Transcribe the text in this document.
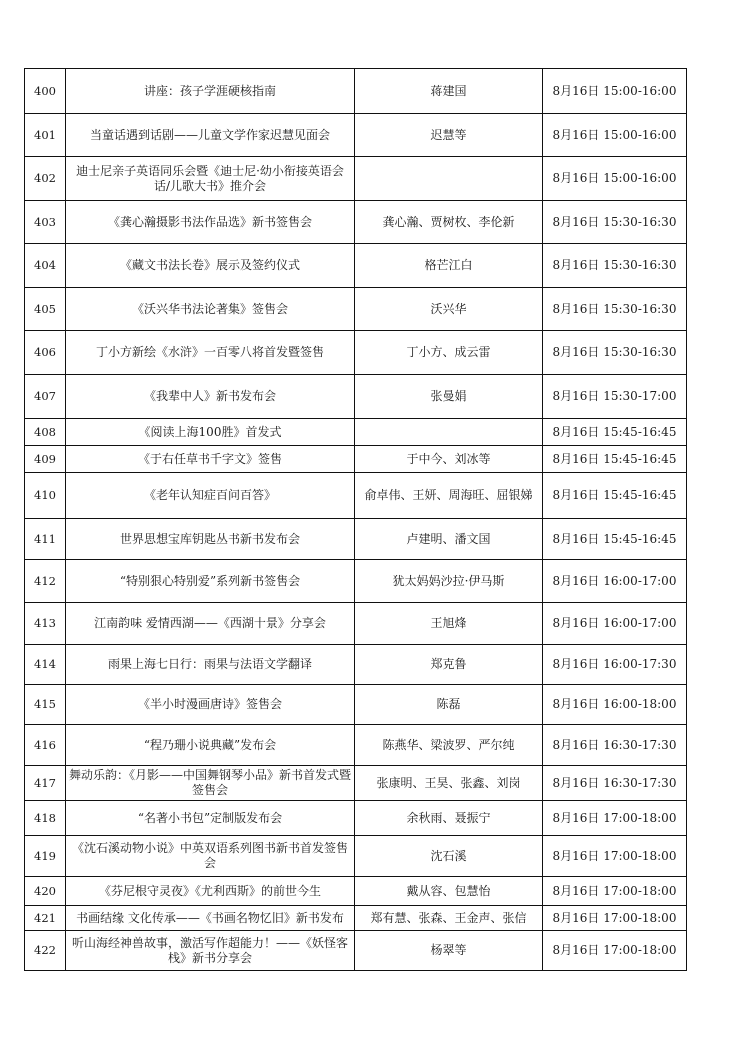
400	讲座：孩子学涯硬核指南	蒋建国	8月16日 15:00-16:00
401	当童话遇到话剧——儿童文学作家迟慧见面会	迟慧等	8月16日 15:00-16:00
402	迪士尼亲子英语同乐会暨《迪士尼·幼小衔接英语会话/儿歌大书》推介会		8月16日 15:00-16:00
403	《龚心瀚摄影书法作品选》新书签售会	龚心瀚、贾树枚、李伦新	8月16日 15:30-16:30
404	《藏文书法长卷》展示及签约仪式	格芒江白	8月16日 15:30-16:30
405	《沃兴华书法论著集》签售会	沃兴华	8月16日 15:30-16:30
406	丁小方新绘《水浒》一百零八将首发暨签售	丁小方、成云雷	8月16日 15:30-16:30
407	《我辈中人》新书发布会	张曼娟	8月16日 15:30-17:00
408	《阅读上海100胜》首发式		8月16日 15:45-16:45
409	《于右任草书千字文》签售	于中今、刘冰等	8月16日 15:45-16:45
410	《老年认知症百问百答》	俞卓伟、王妍、周海旺、屈银娣	8月16日 15:45-16:45
411	世界思想宝库钥匙丛书新书发布会	卢建明、潘文国	8月16日 15:45-16:45
412	“特别狠心特别爱”系列新书签售会	犹太妈妈沙拉·伊马斯	8月16日 16:00-17:00
413	江南韵味 爱情西湖——《西湖十景》分享会	王旭烽	8月16日 16:00-17:00
414	雨果上海七日行：雨果与法语文学翻译	郑克鲁	8月16日 16:00-17:30
415	《半小时漫画唐诗》签售会	陈磊	8月16日 16:00-18:00
416	“程乃珊小说典藏”发布会	陈燕华、梁波罗、严尔纯	8月16日 16:30-17:30
417	舞动乐韵：《月影——中国舞钢琴小品》新书首发式暨签售会	张康明、王昊、张鑫、刘岗	8月16日 16:30-17:30
418	“名著小书包”定制版发布会	余秋雨、聂振宁	8月16日 17:00-18:00
419	《沈石溪动物小说》中英双语系列图书新书首发签售会	沈石溪	8月16日 17:00-18:00
420	《芬尼根守灵夜》《尤利西斯》的前世今生	戴从容、包慧怡	8月16日 17:00-18:00
421	书画结缘 文化传承——《书画名物忆旧》新书发布	郑有慧、张森、王金声、张信	8月16日 17:00-18:00
422	听山海经神兽故事，激活写作超能力！——《妖怪客栈》新书分享会	杨翠等	8月16日 17:00-18:00
